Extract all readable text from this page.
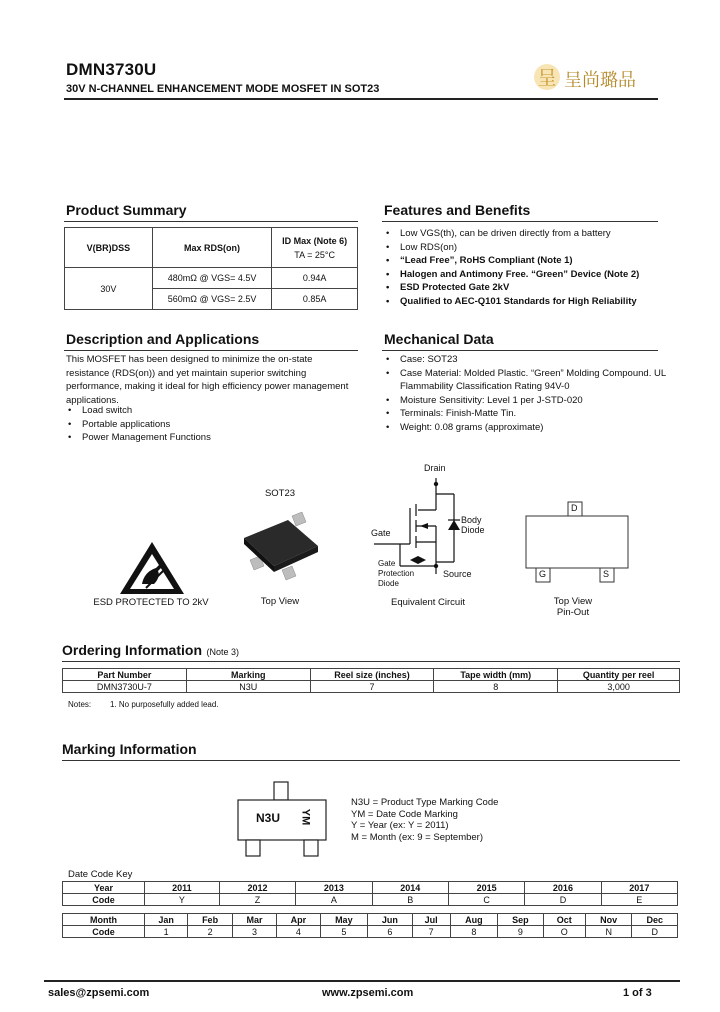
DMN3730U
30V N-CHANNEL ENHANCEMENT MODE MOSFET IN SOT23	呈 呈尚璐品
Product Summary
V(BR)DSS	Max RDS(on)	ID Max (Note 6)
TA = 25°C

30V	480mΩ @ VGS= 4.5V	0.94A
	560mΩ @ VGS= 2.5V	0.85A
Features and Benefits
• Low VGS(th), can be driven directly from a battery
• Low RDS(on)
• “Lead Free”, RoHS Compliant (Note 1)
• Halogen and Antimony Free. “Green” Device (Note 2)
• ESD Protected Gate 2kV
• Qualified to AEC-Q101 Standards for High Reliability
Description and Applications
This MOSFET has been designed to minimize the on-state resistance (RDS(on)) and yet maintain superior switching performance, making it ideal for high efficiency power management applications.
• Load switch
• Portable applications
• Power Management Functions
Mechanical Data
• Case: SOT23
• Case Material: Molded Plastic. “Green” Molding Compound. UL Flammability Classification Rating 94V-0
• Moisture Sensitivity: Level 1 per J-STD-020
• Terminals: Finish-Matte Tin.
• Weight: 0.08 grams (approximate)
ESD PROTECTED TO 2kV
SOT23
Top View
Drain
Gate
Body
Diode
Gate
Protection
Diode
Source
Equivalent Circuit
D
G	S
Top View
Pin-Out
Ordering Information (Note 3)
Part Number	Marking	Reel size (inches)	Tape width (mm)	Quantity per reel
DMN3730U-7	N3U	7	8	3,000
Notes: 1. No purposefully added lead.
Marking Information
N3U YM
N3U = Product Type Marking Code
YM = Date Code Marking
Y = Year (ex: Y = 2011)
M = Month (ex: 9 = September)
Date Code Key
Year	2011	2012	2013	2014	2015	2016	2017
Code	Y	Z	A	B	C	D	E
Month	Jan	Feb	Mar	Apr	May	Jun	Jul	Aug	Sep	Oct	Nov	Dec
Code	1	2	3	4	5	6	7	8	9	O	N	D
sales@zpsemi.com	www.zpsemi.com	1 of 3
